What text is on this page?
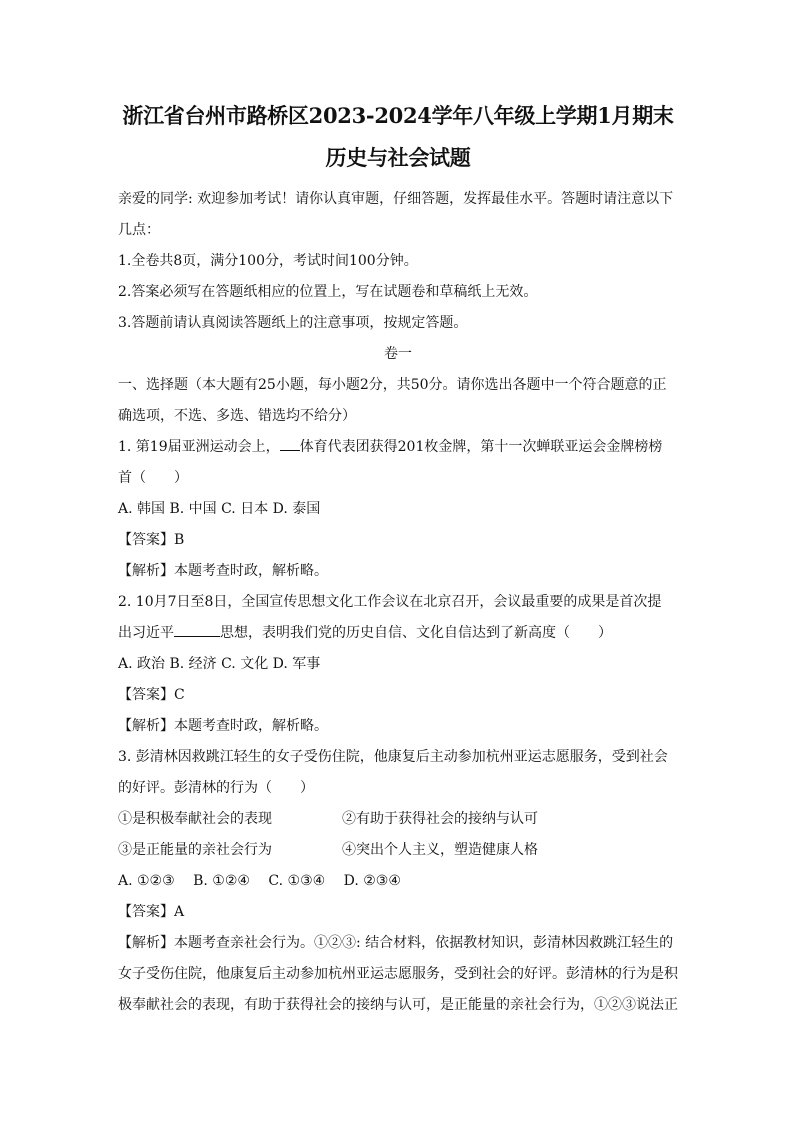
浙江省台州市路桥区2023-2024学年八年级上学期1月期末
历史与社会试题

亲爱的同学: 欢迎参加考试！请你认真审题，仔细答题，发挥最佳水平。答题时请注意以下

几点：

1.全卷共8页，满分100分，考试时间100分钟。

2.答案必须写在答题纸相应的位置上，写在试题卷和草稿纸上无效。

3.答题前请认真阅读答题纸上的注意事项，按规定答题。

卷一

一、选择题（本大题有25小题，每小题2分，共50分。请你选出各题中一个符合题意的正

确选项，不选、多选、错选均不给分）

1. 第19届亚洲运动会上， 体育代表团获得201枚金牌，第十一次蝉联亚运会金牌榜榜

首（　　）

A. 韩国 B. 中国 C. 日本 D. 泰国

【答案】B

【解析】本题考查时政，解析略。

2. 10月7日至8日，全国宣传思想文化工作会议在北京召开，会议最重要的成果是首次提

出习近平	思想，表明我们党的历史自信、文化自信达到了新高度（　　）

A. 政治 B. 经济 C. 文化 D. 军事

【答案】C

【解析】本题考查时政，解析略。

3. 彭清林因救跳江轻生的女子受伤住院，他康复后主动参加杭州亚运志愿服务，受到社会

的好评。彭清林的行为（　　）

①是积极奉献社会的表现	②有助于获得社会的接纳与认可
③是正能量的亲社会行为	④突出个人主义，塑造健康人格

A. ①②③　 B. ①②④　 C. ①③④　 D. ②③④

【答案】A

【解析】本题考查亲社会行为。①②③: 结合材料，依据教材知识，彭清林因救跳江轻生的

女子受伤住院，他康复后主动参加杭州亚运志愿服务，受到社会的好评。彭清林的行为是积

极奉献社会的表现，有助于获得社会的接纳与认可，是正能量的亲社会行为，①②③说法正
